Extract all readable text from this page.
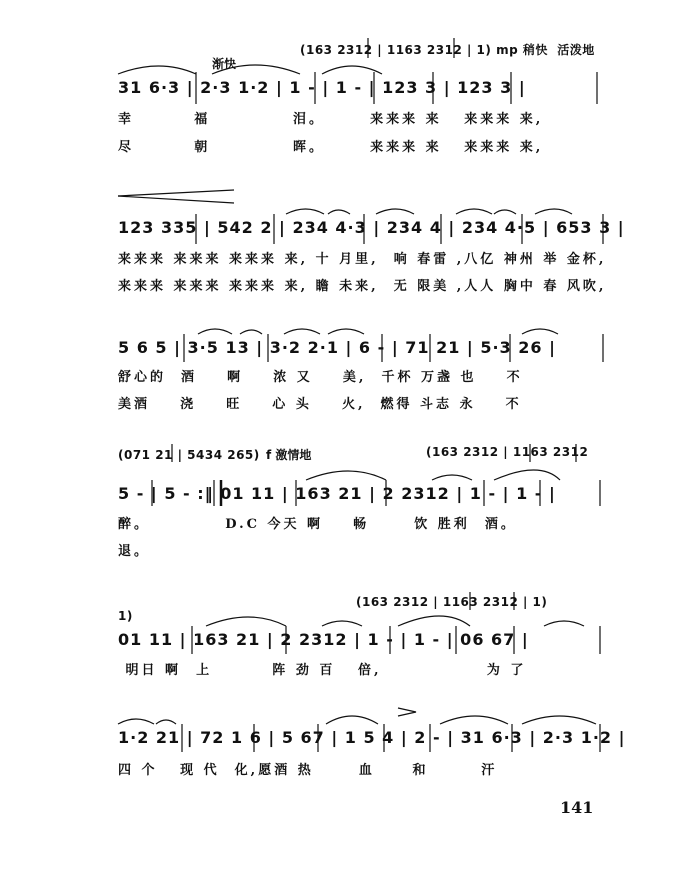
(163 2312 | 1163 2312 | 1) mp 稍快  活泼地
渐快
31 6·3 | 2·3 1·2 | 1 - | 1 - | 123 3 | 123 3 |
幸        福           泪。      来来来 来   来来来 来,
尽        朝           晖。      来来来 来   来来来 来,
123 335 | 542 2 | 234 4·3 | 234 4 | 234 4·5 | 653 3 |
来来来 来来来 来来来 来, 十 月里,  响 春雷 ,八亿 神州 举 金杯,
来来来 来来来 来来来 来, 瞻 未来,  无 限美 ,人人 胸中 春 风吹,
5 6 5 | 3·5 13 | 3·2 2·1 | 6 - | 71 21 | 5·3 26 |
舒心的  酒    啊    浓 又    美,  千杯 万盏 也    不
美酒    浇    旺    心 头    火,  燃得 斗志 永    不
(071 21 | 5434 265) f 激情地	(163 2312 | 1163 2312
5 - | 5 - :‖ 01 11 | 163 21 | 2 2312 | 1 - | 1 - |
醉。          D.C 今天 啊    畅      饮 胜利  酒。
退。
1)
(163 2312 | 1163 2312 | 1)
01 11 | 163 21 | 2 2312 | 1 - | 1 - | 06 67 |
明日 啊  上        阵 劲 百   倍,              为 了
1·2 21 | 72 1 6 | 5 67 | 1 5 4 | 2 - | 31 6·3 | 2·3 1·2 |
四 个   现 代  化,愿酒 热      血     和       汗
141
